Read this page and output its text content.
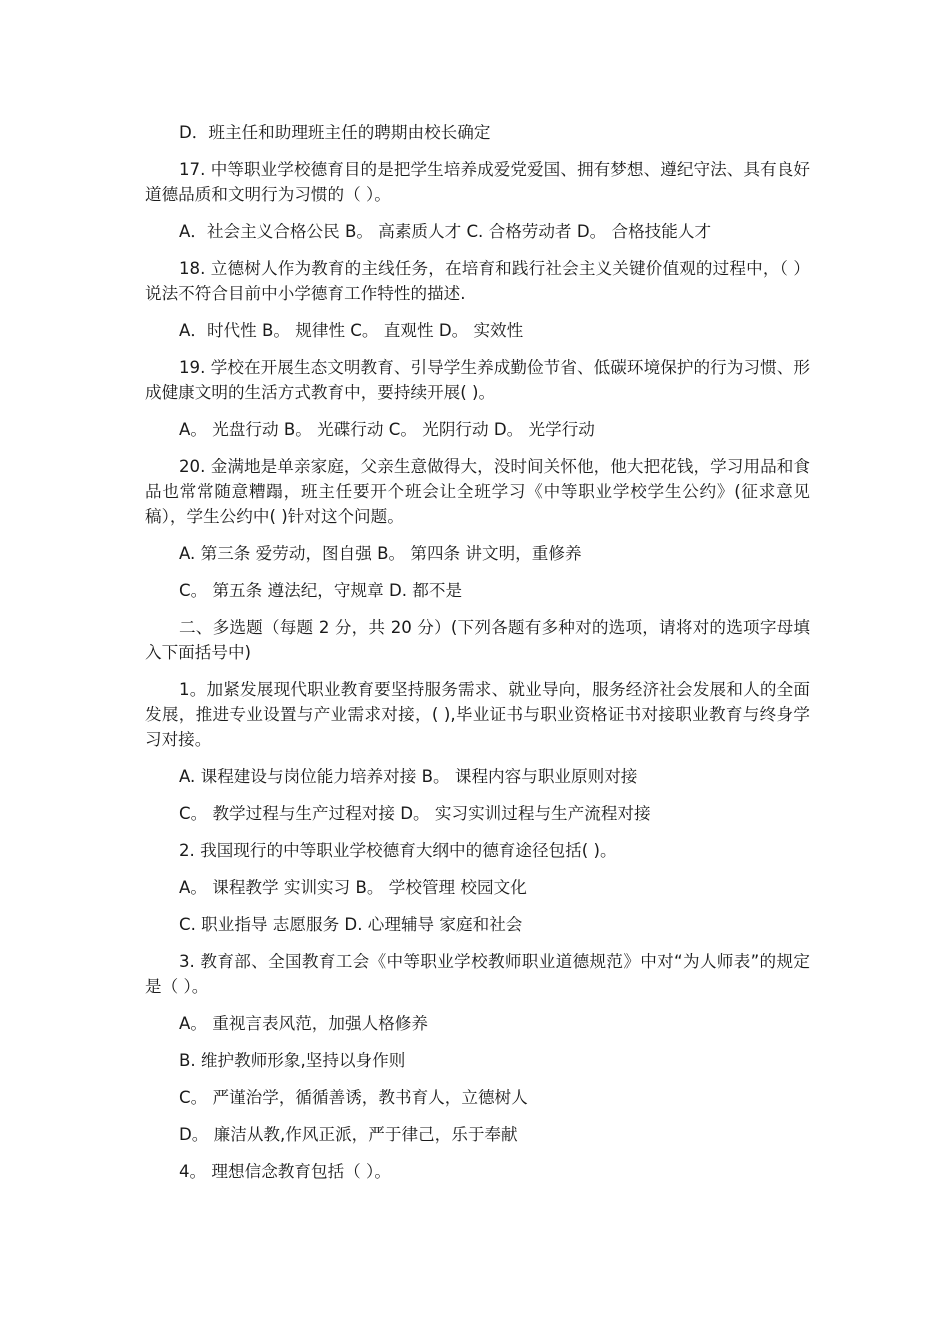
D．班主任和助理班主任的聘期由校长确定

17. 中等职业学校德育目的是把学生培养成爱党爱国、拥有梦想、遵纪守法、具有良好道德品质和文明行为习惯的（ ）。

A．社会主义合格公民 B。 高素质人才 C. 合格劳动者 D。 合格技能人才

18. 立德树人作为教育的主线任务，在培育和践行社会主义关键价值观的过程中，（ ）说法不符合目前中小学德育工作特性的描述.

A．时代性 B。 规律性 C。 直观性 D。 实效性

19. 学校在开展生态文明教育、引导学生养成勤俭节省、低碳环境保护的行为习惯、形成健康文明的生活方式教育中，要持续开展( )。

A。 光盘行动 B。 光碟行动 C。 光阴行动 D。 光学行动

20. 金满地是单亲家庭，父亲生意做得大，没时间关怀他，他大把花钱，学习用品和食品也常常随意糟蹋，班主任要开个班会让全班学习《中等职业学校学生公约》(征求意见稿），学生公约中( )针对这个问题。

A. 第三条 爱劳动，图自强 B。 第四条 讲文明，重修养

C。 第五条 遵法纪，守规章 D. 都不是

二、多选题（每题 2 分，共 20 分）(下列各题有多种对的选项，请将对的选项字母填入下面括号中)

1。加紧发展现代职业教育要坚持服务需求、就业导向，服务经济社会发展和人的全面发展，推进专业设置与产业需求对接，( ),毕业证书与职业资格证书对接职业教育与终身学习对接。

A. 课程建设与岗位能力培养对接 B。 课程内容与职业原则对接

C。 教学过程与生产过程对接 D。 实习实训过程与生产流程对接

2. 我国现行的中等职业学校德育大纲中的德育途径包括( )。

A。 课程教学 实训实习 B。 学校管理 校园文化

C. 职业指导 志愿服务 D. 心理辅导 家庭和社会

3. 教育部、全国教育工会《中等职业学校教师职业道德规范》中对“为人师表”的规定是（ ）。

A。 重视言表风范，加强人格修养

B. 维护教师形象,坚持以身作则

C。 严谨治学，循循善诱，教书育人，立德树人

D。 廉洁从教,作风正派，严于律己，乐于奉献

4。 理想信念教育包括（ ）。
